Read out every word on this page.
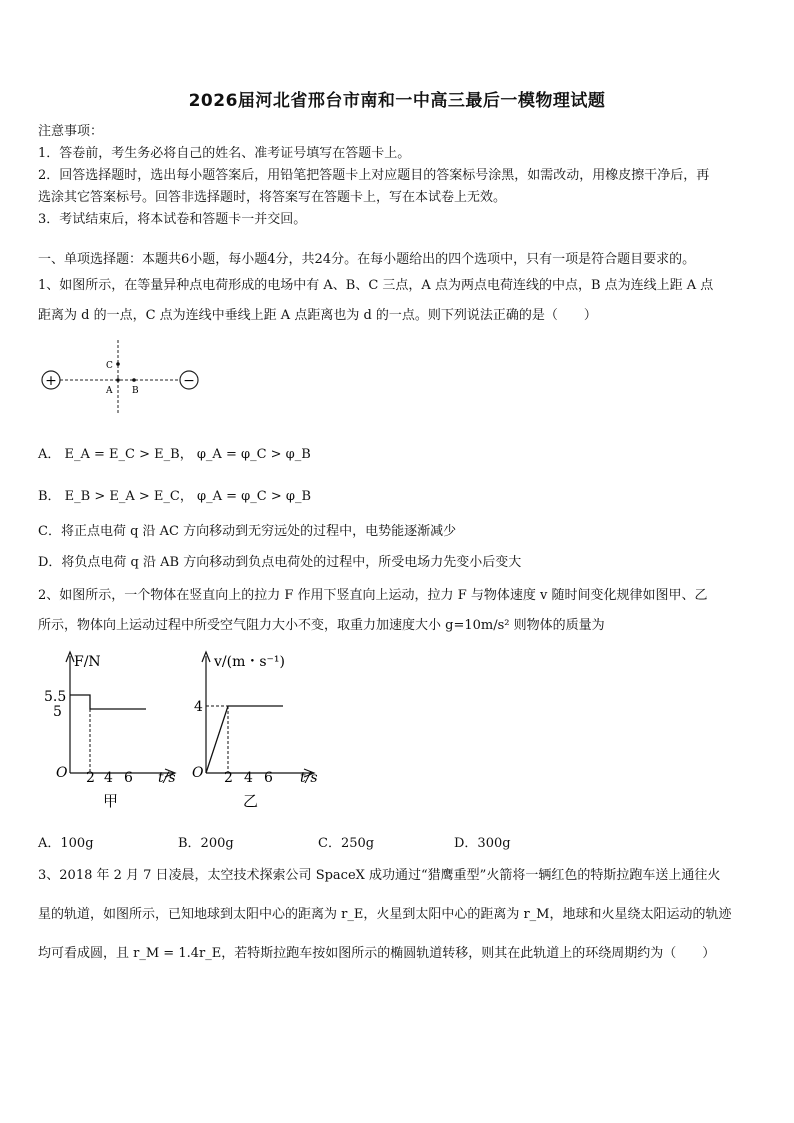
2026届河北省邢台市南和一中高三最后一模物理试题
注意事项：
1．答卷前，考生务必将自己的姓名、准考证号填写在答题卡上。
2．回答选择题时，选出每小题答案后，用铅笔把答题卡上对应题目的答案标号涂黑，如需改动，用橡皮擦干净后，再
选涂其它答案标号。回答非选择题时，将答案写在答题卡上，写在本试卷上无效。
3．考试结束后，将本试卷和答题卡一并交回。
一、单项选择题：本题共6小题，每小题4分，共24分。在每小题给出的四个选项中，只有一项是符合题目要求的。
1、如图所示，在等量异种点电荷形成的电场中有 A、B、C 三点，A 点为两点电荷连线的中点，B 点为连线上距 A 点
距离为 d 的一点，C 点为连线中垂线上距 A 点距离也为 d 的一点。则下列说法正确的是（　　）
+	−
C
A B
A． E_A = E_C > E_B， φ_A = φ_C > φ_B
B． E_B > E_A > E_C， φ_A = φ_C > φ_B
C．将正点电荷 q 沿 AC 方向移动到无穷远处的过程中，电势能逐渐减少
D．将负点电荷 q 沿 AB 方向移动到负点电荷处的过程中，所受电场力先变小后变大
2、如图所示，一个物体在竖直向上的拉力 F 作用下竖直向上运动，拉力 F 与物体速度 v 随时间变化规律如图甲、乙
所示，物体向上运动过程中所受空气阻力大小不变，取重力加速度大小 g=10m/s² 则物体的质量为
F/N
5.5
5
O 2 4 6 t/s
甲
v/(m・s⁻¹)
4
O 2 4 6 t/s
乙
A．100g	B．200g	C．250g	D．300g
3、2018 年 2 月 7 日凌晨，太空技术探索公司 SpaceX 成功通过“猎鹰重型”火箭将一辆红色的特斯拉跑车送上通往火
星的轨道，如图所示，已知地球到太阳中心的距离为 r_E，火星到太阳中心的距离为 r_M，地球和火星绕太阳运动的轨迹
均可看成圆，且 r_M = 1.4r_E，若特斯拉跑车按如图所示的椭圆轨道转移，则其在此轨道上的环绕周期约为（　　）
